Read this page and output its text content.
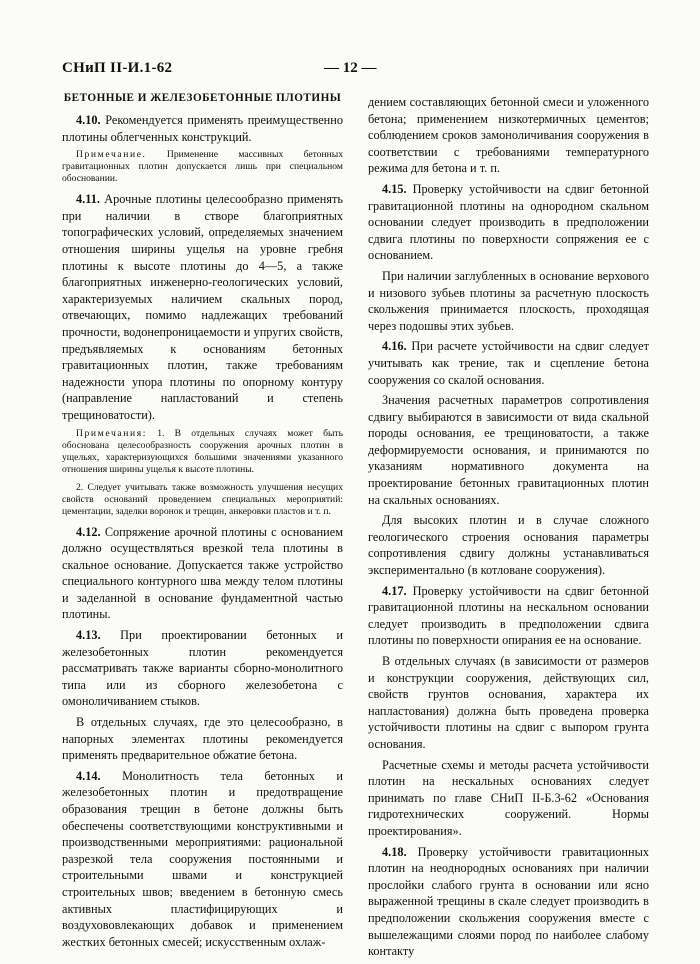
СНиП II-И.1-62	— 12 —
БЕТОННЫЕ И ЖЕЛЕЗОБЕТОННЫЕ ПЛОТИНЫ
4.10. Рекомендуется применять преимущественно плотины облегченных конструкций.
Примечание. Применение массивных бетонных гравитационных плотин допускается лишь при специальном обосновании.
4.11. Арочные плотины целесообразно применять при наличии в створе благоприятных топографических условий, определяемых значением отношения ширины ущелья на уровне гребня плотины к высоте плотины до 4—5, а также благоприятных инженерно-геологических условий, характеризуемых наличием скальных пород, отвечающих, помимо надлежащих требований прочности, водонепроницаемости и упругих свойств, предъявляемых к основаниям бетонных гравитационных плотин, также требованиям надежности упора плотины по опорному контуру (направление напластований и степень трещиноватости).
Примечания: 1. В отдельных случаях может быть обоснована целесообразность сооружения арочных плотин в ущельях, характеризующихся большими значениями указанного отношения ширины ущелья к высоте плотины.
2. Следует учитывать также возможность улучшения несущих свойств оснований проведением специальных мероприятий: цементации, заделки воронок и трещин, анкеровки пластов и т. п.
4.12. Сопряжение арочной плотины с основанием должно осуществляться врезкой тела плотины в скальное основание. Допускается также устройство специального контурного шва между телом плотины и заделанной в основание фундаментной частью плотины.
4.13. При проектировании бетонных и железобетонных плотин рекомендуется рассматривать также варианты сборно-монолитного типа или из сборного железобетона с омоноличиванием стыков.
В отдельных случаях, где это целесообразно, в напорных элементах плотины рекомендуется применять предварительное обжатие бетона.
4.14. Монолитность тела бетонных и железобетонных плотин и предотвращение образования трещин в бетоне должны быть обеспечены соответствующими конструктивными и производственными мероприятиями: рациональной разрезкой тела сооружения постоянными и строительными швами и конструкцией строительных швов; введением в бетонную смесь активных пластифицирующих и воздухововлекающих добавок и применением жестких бетонных смесей; искусственным охлаж-
дением составляющих бетонной смеси и уложенного бетона; применением низкотермичных цементов; соблюдением сроков замоноличивания сооружения в соответствии с требованиями температурного режима для бетона и т. п.
4.15. Проверку устойчивости на сдвиг бетонной гравитационной плотины на однородном скальном основании следует производить в предположении сдвига плотины по поверхности сопряжения ее с основанием.
При наличии заглубленных в основание верхового и низового зубьев плотины за расчетную плоскость скольжения принимается плоскость, проходящая через подошвы этих зубьев.
4.16. При расчете устойчивости на сдвиг следует учитывать как трение, так и сцепление бетона сооружения со скалой основания.
Значения расчетных параметров сопротивления сдвигу выбираются в зависимости от вида скальной породы основания, ее трещиноватости, а также деформируемости основания, и принимаются по указаниям нормативного документа на проектирование бетонных гравитационных плотин на скальных основаниях.
Для высоких плотин и в случае сложного геологического строения основания параметры сопротивления сдвигу должны устанавливаться экспериментально (в котловане сооружения).
4.17. Проверку устойчивости на сдвиг бетонной гравитационной плотины на нескальном основании следует производить в предположении сдвига плотины по поверхности опирания ее на основание.
В отдельных случаях (в зависимости от размеров и конструкции сооружения, действующих сил, свойств грунтов основания, характера их напластования) должна быть проведена проверка устойчивости плотины на сдвиг с выпором грунта основания.
Расчетные схемы и методы расчета устойчивости плотин на нескальных основаниях следует принимать по главе СНиП II-Б.3-62 «Основания гидротехнических сооружений. Нормы проектирования».
4.18. Проверку устойчивости гравитационных плотин на неоднородных основаниях при наличии прослойки слабого грунта в основании или ясно выраженной трещины в скале следует производить в предположении скольжения сооружения вместе с вышележащими слоями пород по наиболее слабому контакту
